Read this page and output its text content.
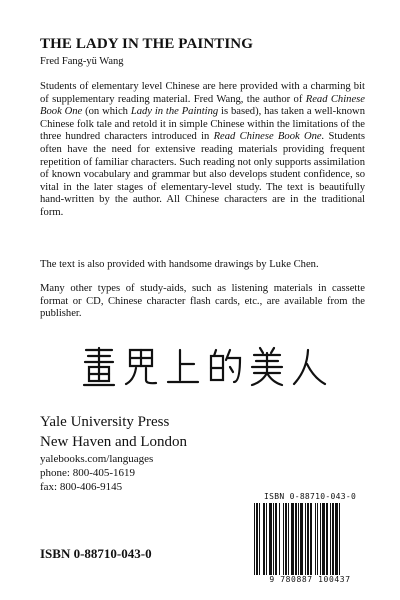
THE LADY IN THE PAINTING
Fred Fang-yü Wang

Students of elementary level Chinese are here provided with a charming bit of supplementary reading material. Fred Wang, the author of Read Chinese Book One (on which Lady in the Painting is based), has taken a well-known Chinese folk tale and retold it in simple Chinese within the limitations of the three hundred characters introduced in Read Chinese Book One. Students often have the need for extensive reading materials providing frequent repetition of familiar characters. Such reading not only supports assimilation of known vocabulary and grammar but also develops student confidence, so vital in the later stages of elementary-level study. The text is beautifully hand-written by the author. All Chinese characters are in the traditional form.

The text is also provided with handsome drawings by Luke Chen.

Many other types of study-aids, such as listening materials in cassette format or CD, Chinese character flash cards, etc., are available from the publisher.

Yale University Press
New Haven and London
yalebooks.com/languages
phone: 800-405-1619
fax: 800-406-9145
ISBN 0-88710-043-0
ISBN 0-88710-043-0
9 780887 100437
